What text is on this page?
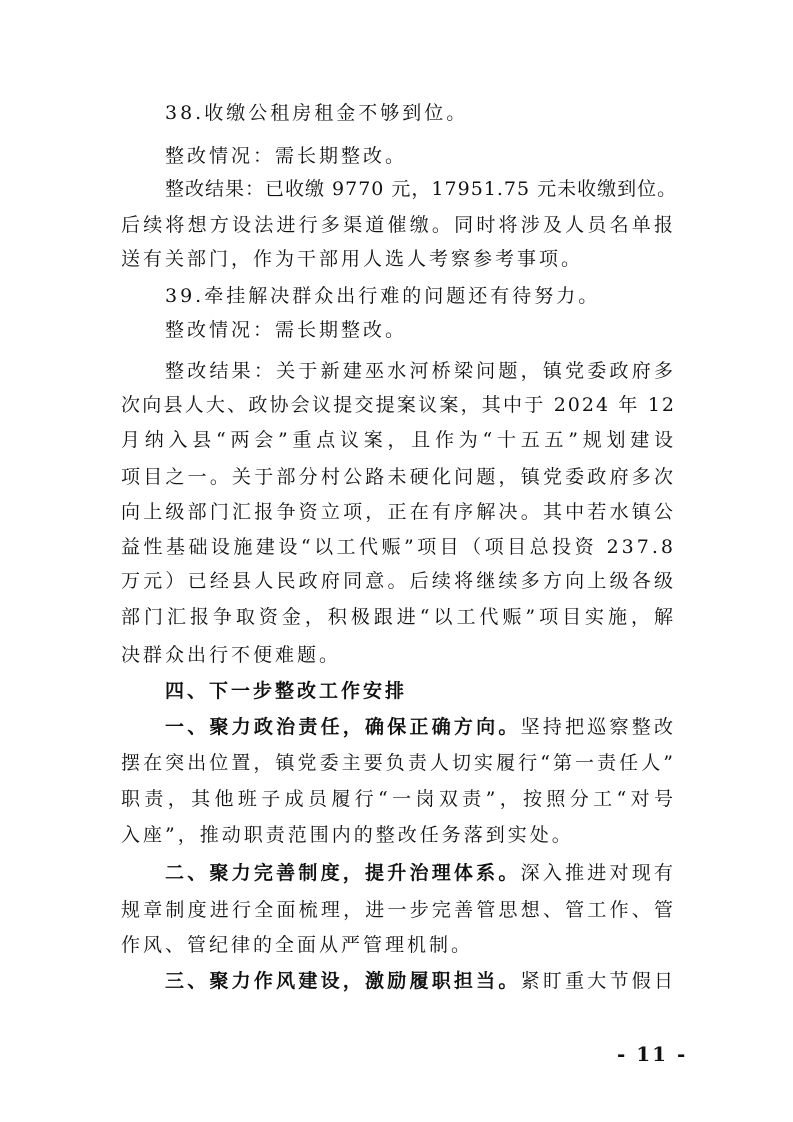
38.收缴公租房租金不够到位。
整改情况：需长期整改。
整改结果：已收缴 9770 元，17951.75 元未收缴到位。
后续将想方设法进行多渠道催缴。同时将涉及人员名单报
送有关部门，作为干部用人选人考察参考事项。
39.牵挂解决群众出行难的问题还有待努力。
整改情况：需长期整改。
整改结果：关于新建巫水河桥梁问题，镇党委政府多
次向县人大、政协会议提交提案议案，其中于 2024 年 12
月纳入县“两会”重点议案，且作为“十五五”规划建设
项目之一。关于部分村公路未硬化问题，镇党委政府多次
向上级部门汇报争资立项，正在有序解决。其中若水镇公
益性基础设施建设“以工代赈”项目（项目总投资 237.8
万元）已经县人民政府同意。后续将继续多方向上级各级
部门汇报争取资金，积极跟进“以工代赈”项目实施，解
决群众出行不便难题。
四、下一步整改工作安排
一、聚力政治责任，确保正确方向。坚持把巡察整改
摆在突出位置，镇党委主要负责人切实履行“第一责任人”
职责，其他班子成员履行“一岗双责”，按照分工“对号
入座”，推动职责范围内的整改任务落到实处。
二、聚力完善制度，提升治理体系。深入推进对现有
规章制度进行全面梳理，进一步完善管思想、管工作、管
作风、管纪律的全面从严管理机制。
三、聚力作风建设，激励履职担当。紧盯重大节假日
- 11 -
